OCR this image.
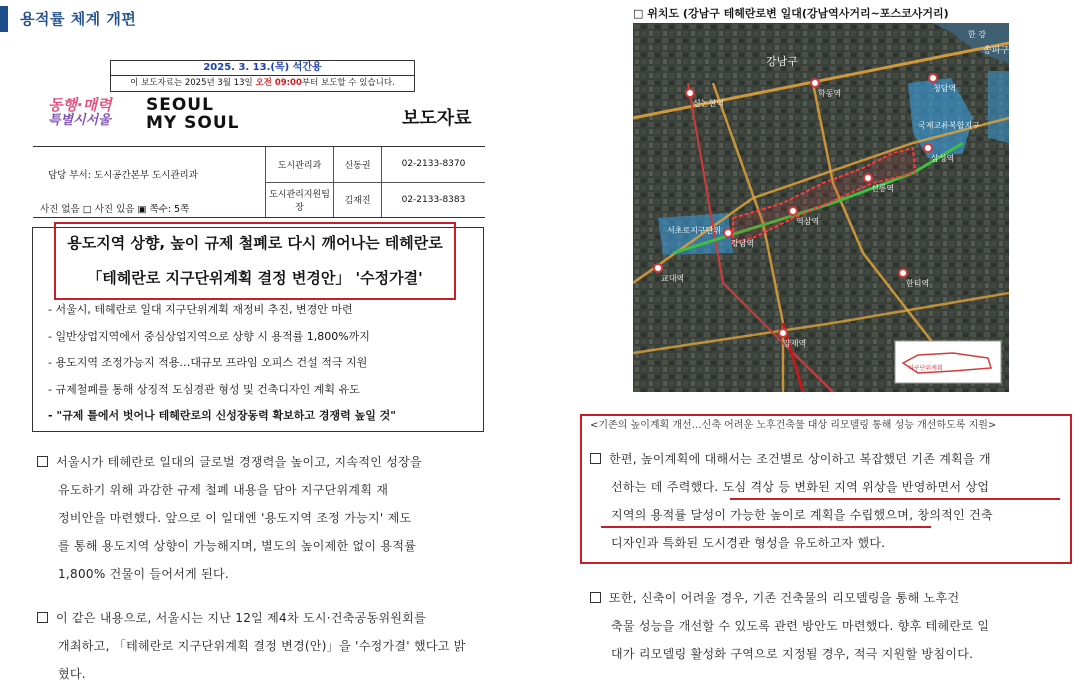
용적률 체계 개편
2025. 3. 13.(목) 석간용
이 보도자료는 2025년 3월 13일 오전 09:00부터 보도할 수 있습니다.
동행·매력
특별시서울
SEOUL
MY SOUL	보도자료
담당 부서: 도시공간본부 도시관리과
사진 없음 □ 사진 있음 ▣ 쪽수: 5쪽
도시관리과	신동권	02-2133-8370
도시관리지원팀장	김재진	02-2133-8383
용도지역 상향, 높이 규제 철폐로 다시 깨어나는 테헤란로
「테헤란로 지구단위계획 결정 변경안」 '수정가결'
- 서울시, 테헤란로 일대 지구단위계획 재정비 추진, 변경안 마련
- 일반상업지역에서 중심상업지역으로 상향 시 용적률 1,800%까지
- 용도지역 조정가능지 적용…대규모 프라임 오피스 건설 적극 지원
- 규제철폐를 통해 상징적 도심경관 형성 및 건축디자인 계획 유도
- "규제 틀에서 벗어나 테헤란로의 신성장동력 확보하고 경쟁력 높일 것"
서울시가 테헤란로 일대의 글로벌 경쟁력을 높이고, 지속적인 성장을
유도하기 위해 과감한 규제 철폐 내용을 담아 지구단위계획 재
정비안을 마련했다. 앞으로 이 일대엔 '용도지역 조정 가능지' 제도
를 통해 용도지역 상향이 가능해지며, 별도의 높이제한 없이 용적률
1,800% 건물이 들어서게 된다.
이 같은 내용으로, 서울시는 지난 12일 제4차 도시·건축공동위원회를
개최하고, 「테헤란로 지구단위계획 결정 변경(안)」을 '수정가결' 했다고 밝
혔다.
□ 위치도 (강남구 테헤란로변 일대(강남역사거리~포스코사거리)
강남구
송파구
한 강
국제교류복합지구
서초로지구단위
강남역
역삼역
선릉역
삼성역
신논현역
학동역
청담역
한티역
양재역
교대역
지구단위계획
<기존의 높이계획 개선…신축 어려운 노후건축물 대상 리모델링 통해 성능 개선하도록 지원>
한편, 높이계획에 대해서는 조건별로 상이하고 복잡했던 기존 계획을 개
선하는 데 주력했다. 도심 격상 등 변화된 지역 위상을 반영하면서 상업
지역의 용적률 달성이 가능한 높이로 계획을 수립했으며, 창의적인 건축
디자인과 특화된 도시경관 형성을 유도하고자 했다.
또한, 신축이 어려울 경우, 기존 건축물의 리모델링을 통해 노후건
축물 성능을 개선할 수 있도록 관련 방안도 마련했다. 향후 테헤란로 일
대가 리모델링 활성화 구역으로 지정될 경우, 적극 지원할 방침이다.
